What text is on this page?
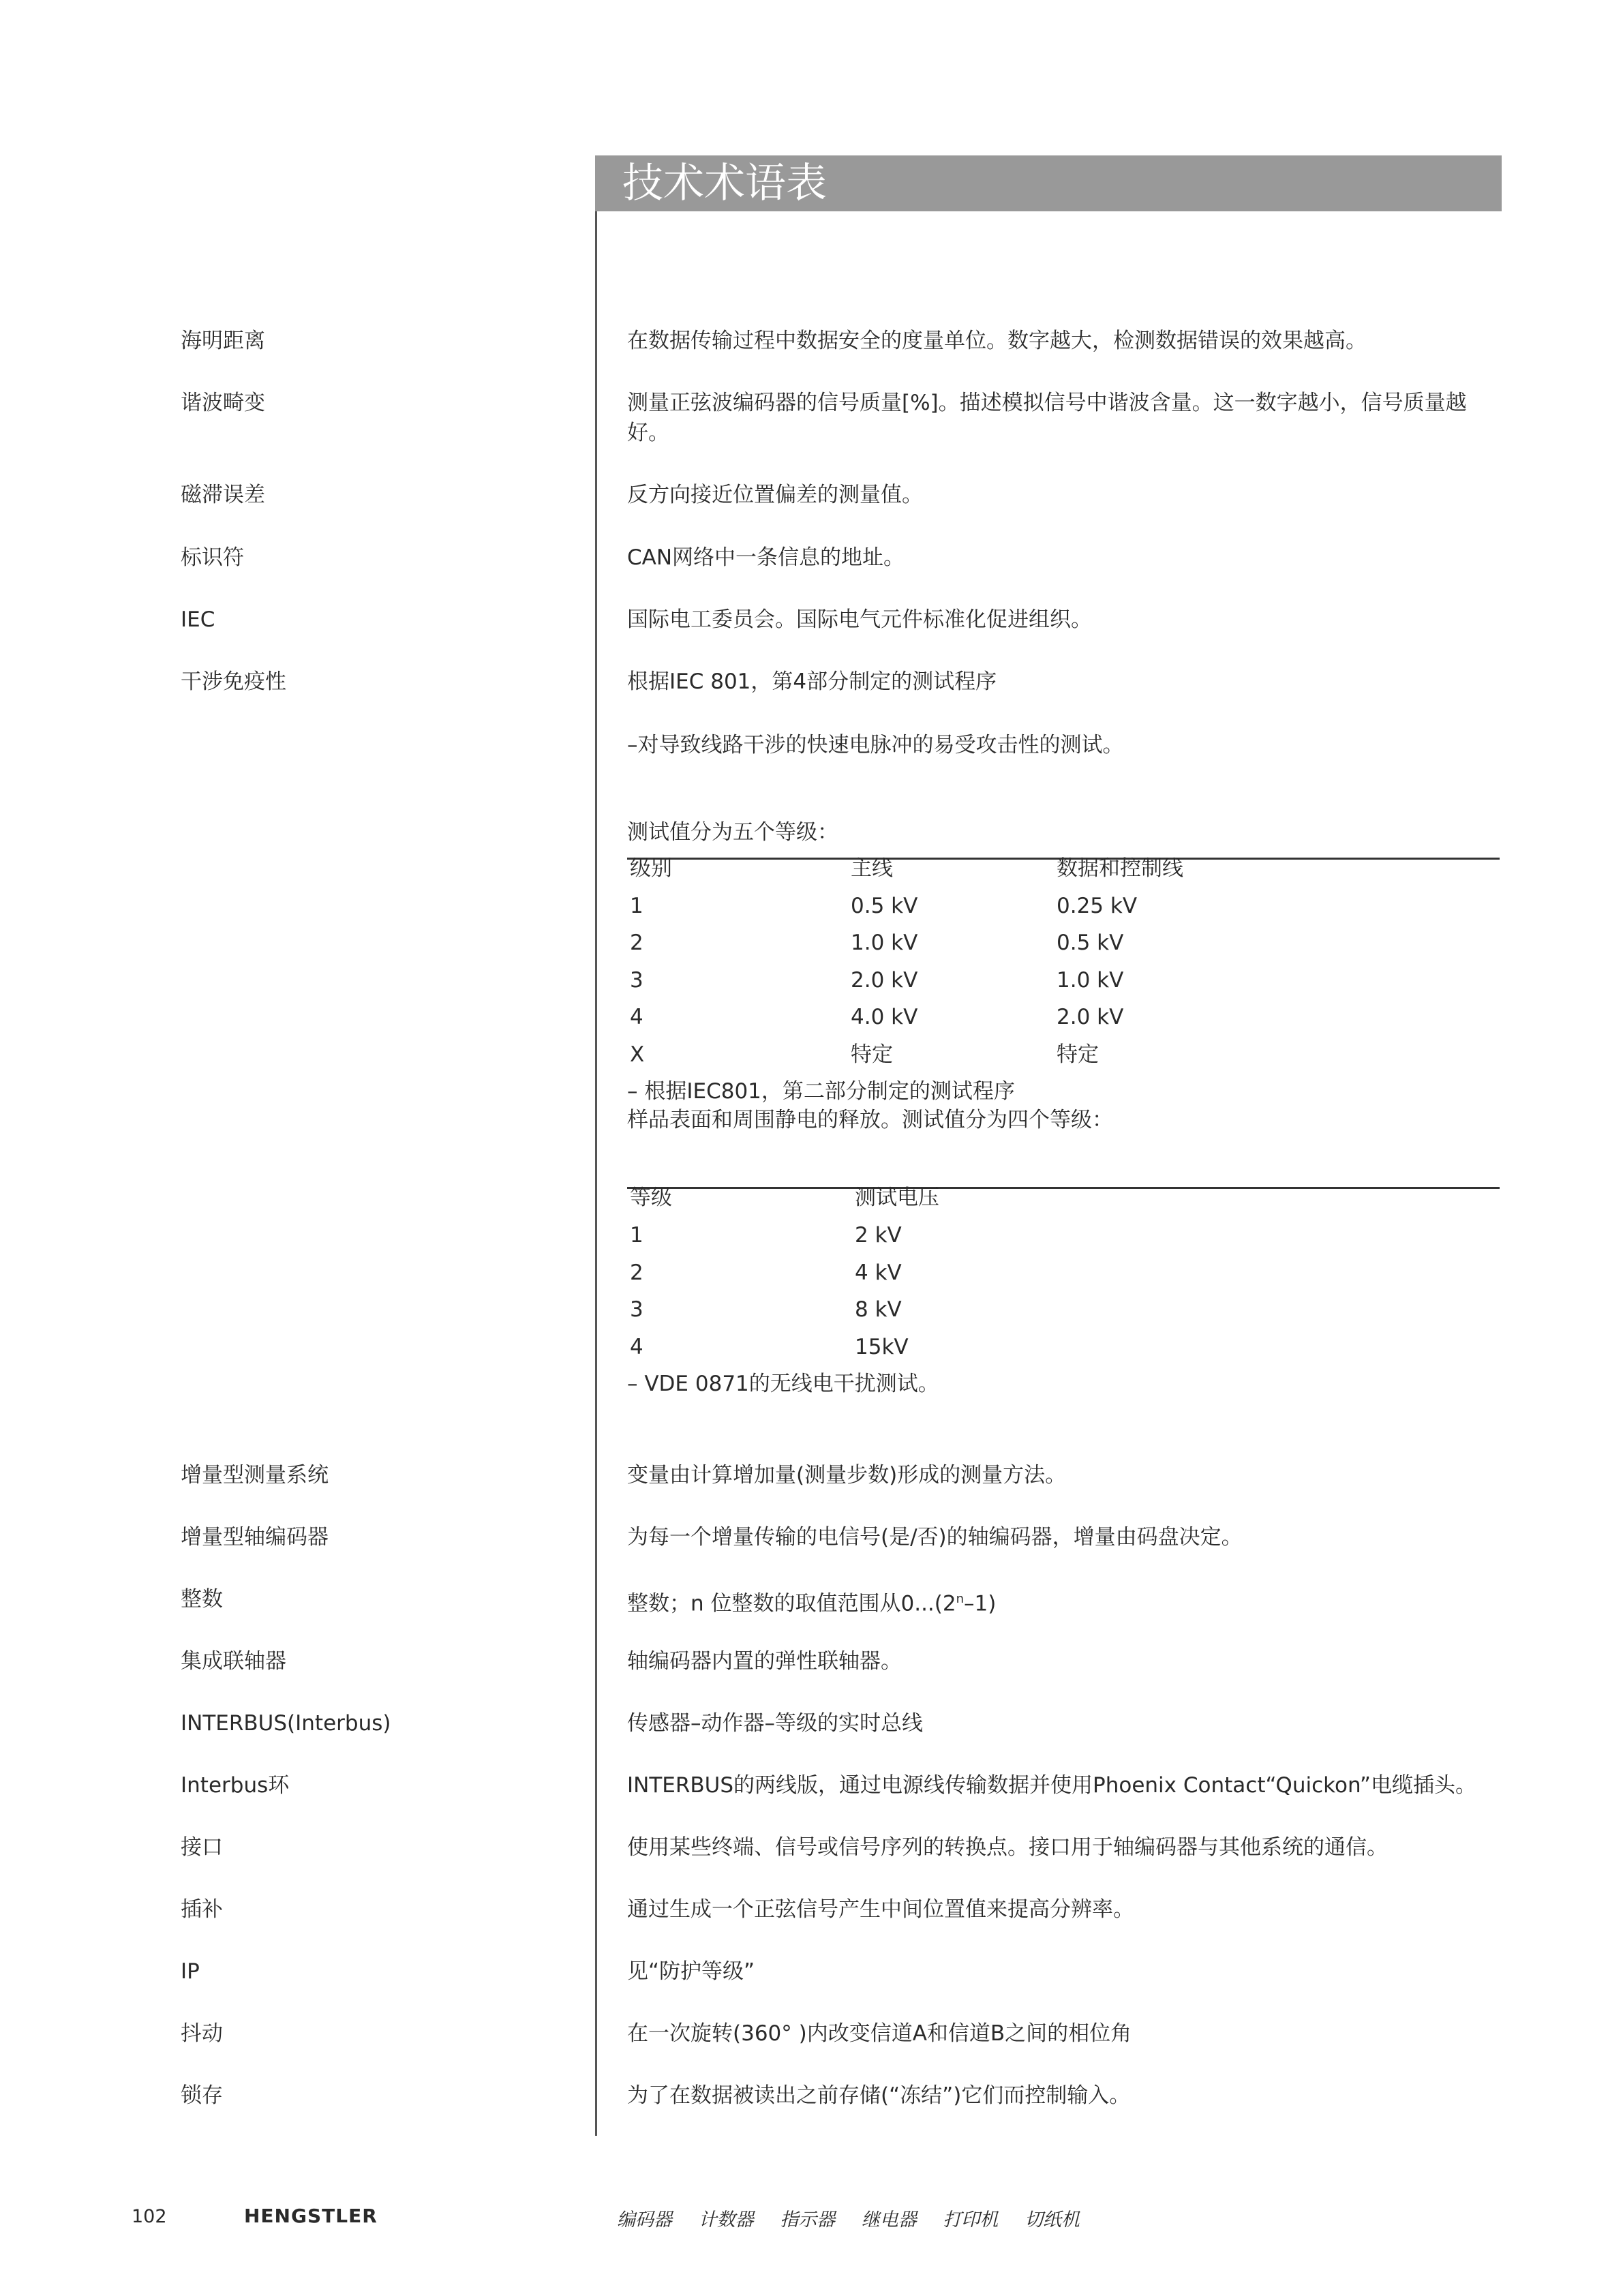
技术术语表
海明距离	在数据传输过程中数据安全的度量单位。数字越大，检测数据错误的效果越高。
谐波畸变	测量正弦波编码器的信号质量[%]。描述模拟信号中谐波含量。这一数字越小，信号质量越好。
磁滞误差	反方向接近位置偏差的测量值。
标识符	CAN网络中一条信息的地址。
IEC	国际电工委员会。国际电气元件标准化促进组织。
干涉免疫性	根据IEC 801，第4部分制定的测试程序
–对导致线路干涉的快速电脉冲的易受攻击性的测试。
测试值分为五个等级：
级别	主线	数据和控制线
1	0.5 kV	0.25 kV
2	1.0 kV	0.5 kV
3	2.0 kV	1.0 kV
4	4.0 kV	2.0 kV
X	特定	特定
– 根据IEC801，第二部分制定的测试程序
样品表面和周围静电的释放。测试值分为四个等级：
等级	测试电压
1	2 kV
2	4 kV
3	8 kV
4	15kV
– VDE 0871的无线电干扰测试。
增量型测量系统	变量由计算增加量(测量步数)形成的测量方法。
增量型轴编码器	为每一个增量传输的电信号(是/否)的轴编码器，增量由码盘决定。
整数	整数；n 位整数的取值范围从0...(2$^n$–1)
集成联轴器	轴编码器内置的弹性联轴器。
INTERBUS(Interbus)	传感器–动作器–等级的实时总线
Interbus环	INTERBUS的两线版，通过电源线传输数据并使用Phoenix Contact“Quickon”电缆插头。
接口	使用某些终端、信号或信号序列的转换点。接口用于轴编码器与其他系统的通信。
插补	通过生成一个正弦信号产生中间位置值来提高分辨率。
IP	见“防护等级”
抖动	在一次旋转(360° )内改变信道A和信道B之间的相位角
锁存	为了在数据被读出之前存储(“冻结”)它们而控制输入。
102	HENGSTLER	编码器 计数器 指示器 继电器 打印机 切纸机
